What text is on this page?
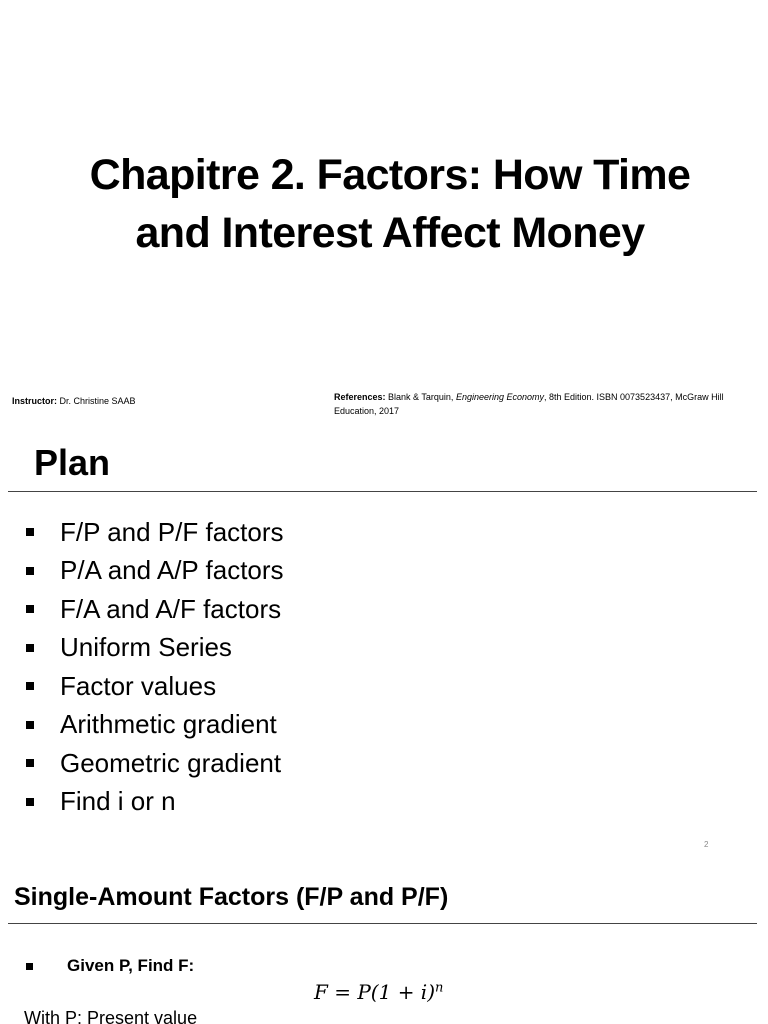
Chapitre 2. Factors: How Time
and Interest Affect Money
Instructor: Dr. Christine SAAB	References: Blank & Tarquin, Engineering Economy, 8th Edition. ISBN 0073523437, McGraw Hill Education, 2017
Plan
F/P and P/F factors
P/A and A/P factors
F/A and A/F factors
Uniform Series
Factor values
Arithmetic gradient
Geometric gradient
Find i or n
2
Single-Amount Factors (F/P and P/F)
Given P, Find F:
$F = P(1 + i)^n$
With P: Present value
